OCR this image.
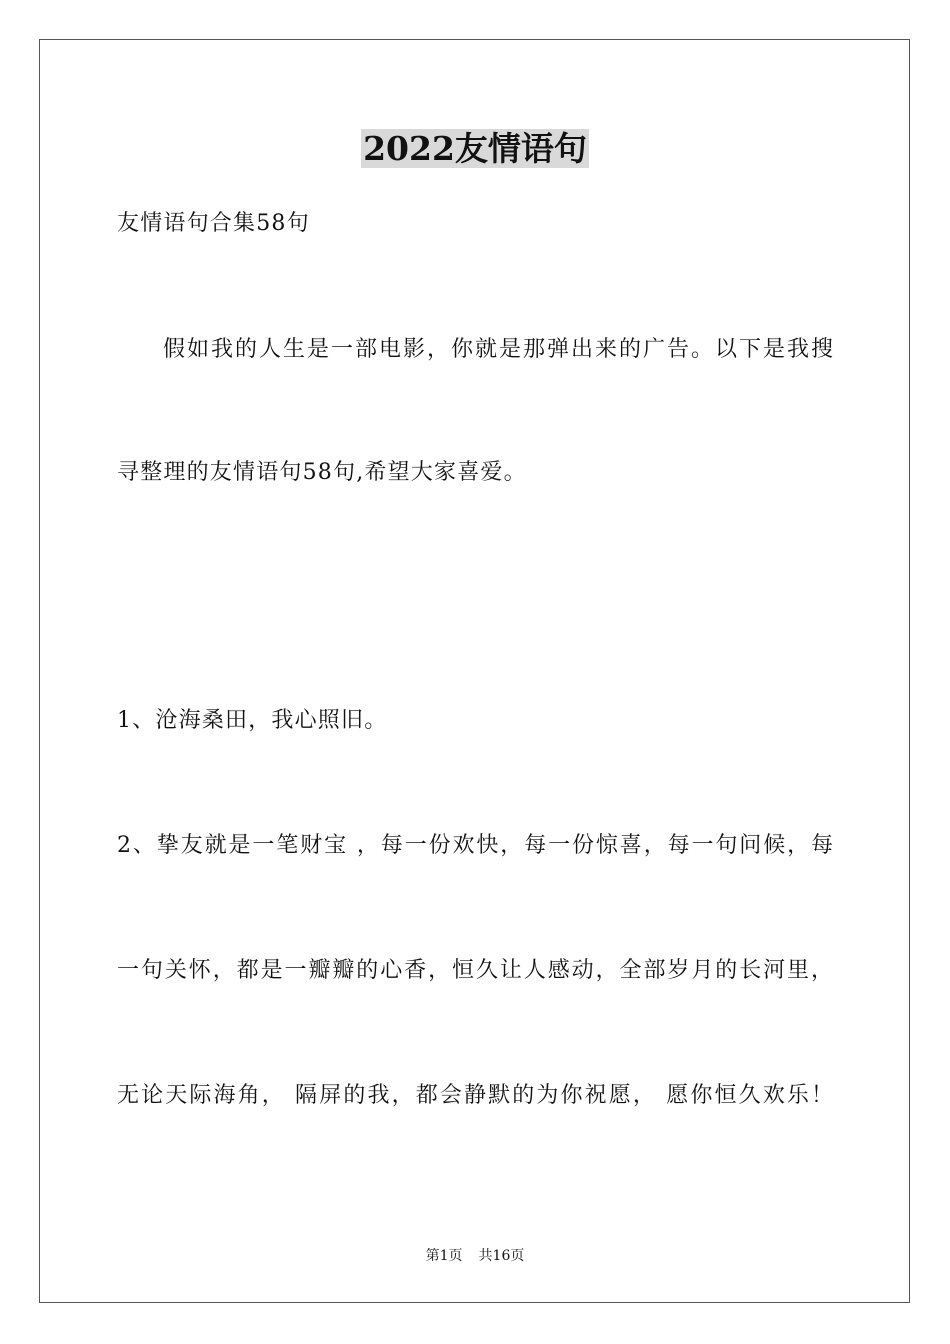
2022友情语句
友情语句合集58句
假如我的人生是一部电影，你就是那弹出来的广告。以下是我搜
寻整理的友情语句58句,希望大家喜爱。
1、沧海桑田，我心照旧。
2、挚友就是一笔财宝 ，每一份欢快，每一份惊喜，每一句问候，每
一句关怀，都是一瓣瓣的心香，恒久让人感动，全部岁月的长河里，
无论天际海角， 隔屏的我，都会静默的为你祝愿， 愿你恒久欢乐！
第1页 共16页
